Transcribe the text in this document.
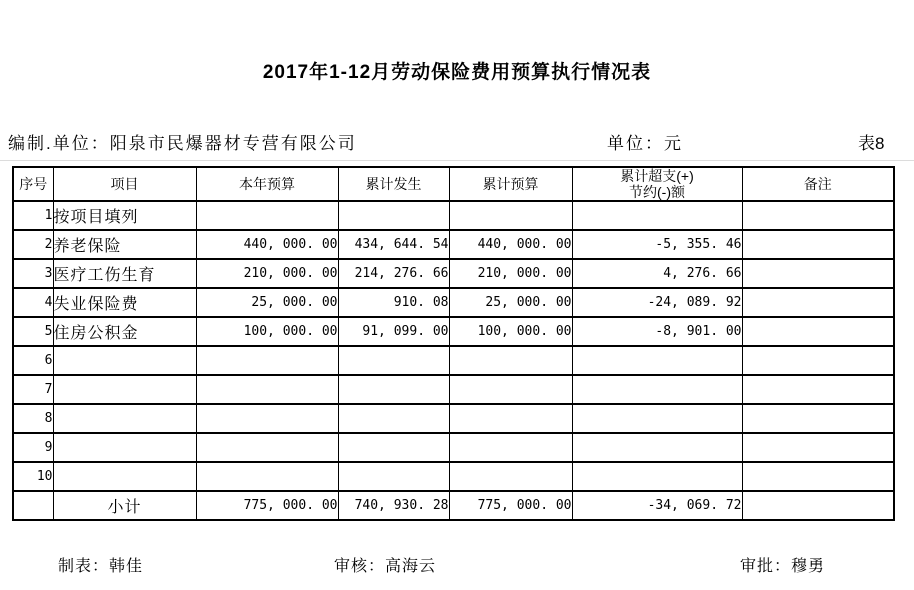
2017年1-12月劳动保险费用预算执行情况表
编制.单位：阳泉市民爆器材专营有限公司	单位：元	表8
序号	项目	本年预算	累计发生	累计预算	累计超支(+)
节约(-)额	备注
1	按项目填列					
2	养老保险	440, 000. 00	434, 644. 54	440, 000. 00	-5, 355. 46	
3	医疗工伤生育	210, 000. 00	214, 276. 66	210, 000. 00	4, 276. 66	
4	失业保险费	25, 000. 00	910. 08	25, 000. 00	-24, 089. 92	
5	住房公积金	100, 000. 00	91, 099. 00	100, 000. 00	-8, 901. 00	
6						
7						
8						
9						
10						
	小计	775, 000. 00	740, 930. 28	775, 000. 00	-34, 069. 72	
制表：韩佳	审核：高海云	审批：穆勇
